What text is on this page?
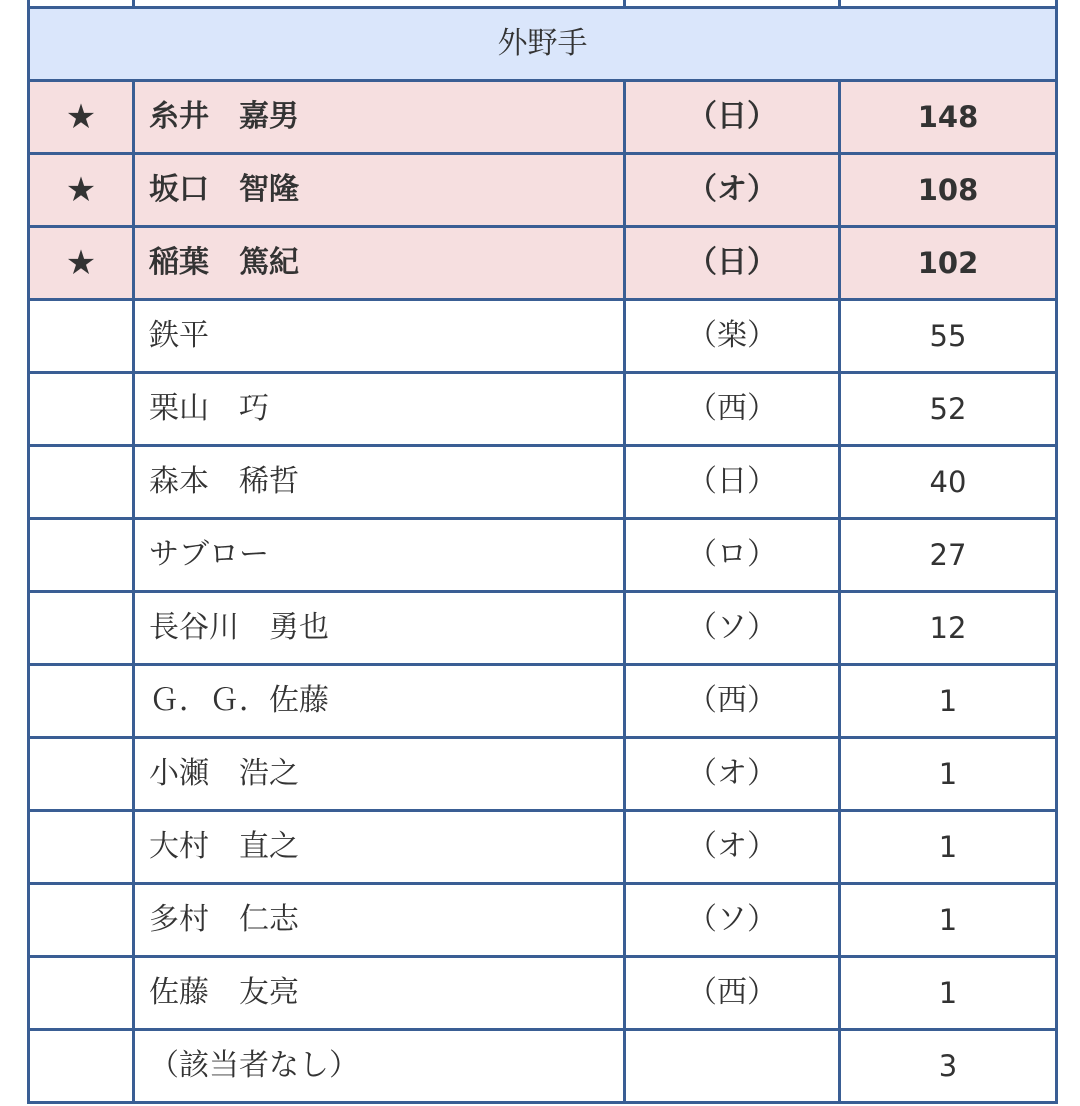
外野手			
★	糸井　嘉男	（日）	148
★	坂口　智隆	（オ）	108
★	稲葉　篤紀	（日）	102
	鉄平	（楽）	55
	栗山　巧	（西）	52
	森本　稀哲	（日）	40
	サブロー	（ロ）	27
	長谷川　勇也	（ソ）	12
	Ｇ．Ｇ．佐藤	（西）	1
	小瀬　浩之	（オ）	1
	大村　直之	（オ）	1
	多村　仁志	（ソ）	1
	佐藤　友亮	（西）	1
	（該当者なし）		3
